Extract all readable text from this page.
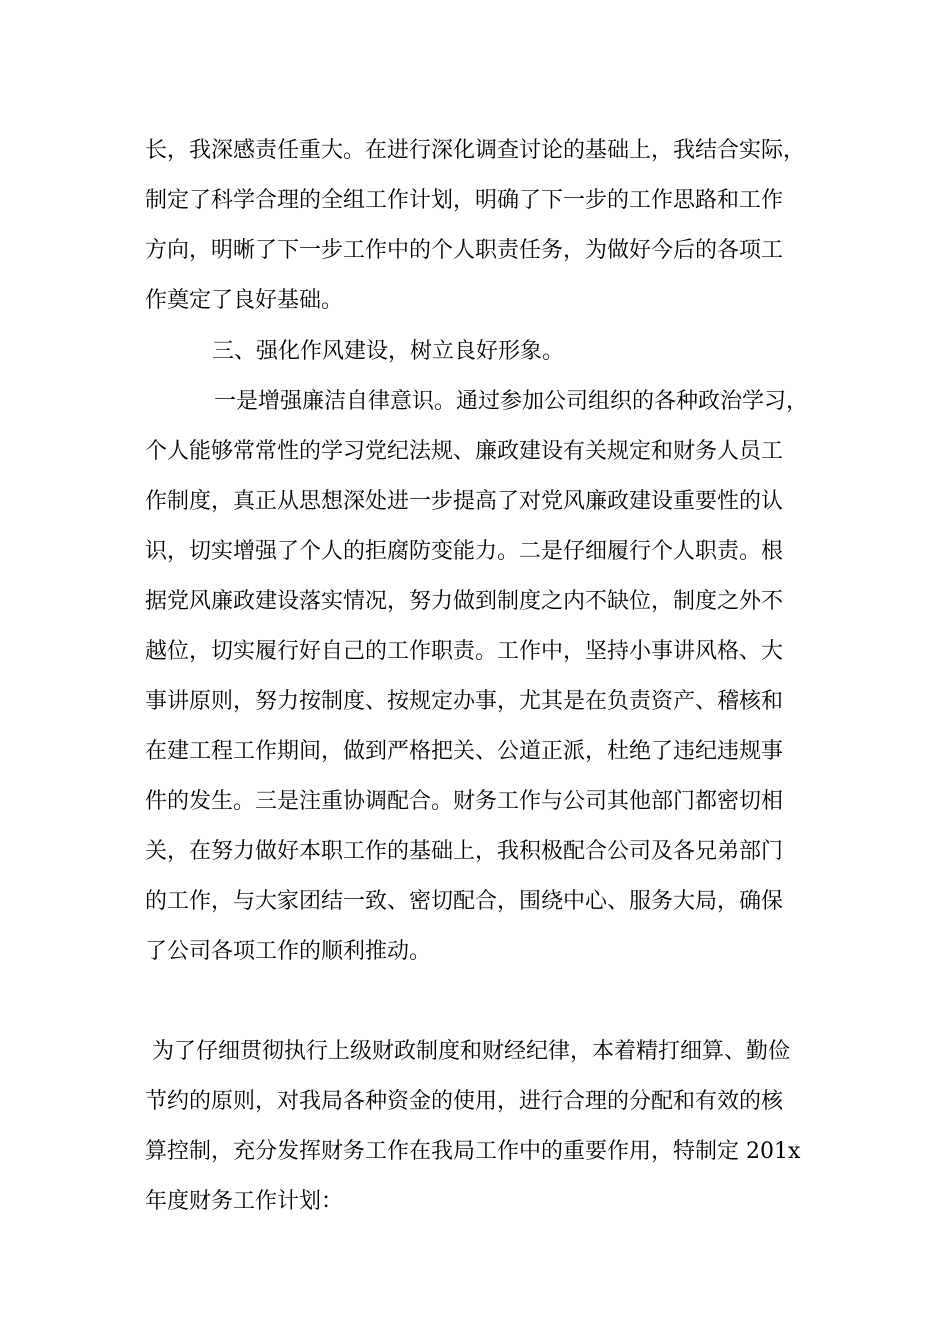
长，我深感责任重大。在进行深化调查讨论的基础上，我结合实际，

制定了科学合理的全组工作计划，明确了下一步的工作思路和工作

方向，明晰了下一步工作中的个人职责任务，为做好今后的各项工

作奠定了良好基础。

三、强化作风建设，树立良好形象。

一是增强廉洁自律意识。通过参加公司组织的各种政治学习，

个人能够常常性的学习党纪法规、廉政建设有关规定和财务人员工

作制度，真正从思想深处进一步提高了对党风廉政建设重要性的认

识，切实增强了个人的拒腐防变能力。二是仔细履行个人职责。根

据党风廉政建设落实情况，努力做到制度之内不缺位，制度之外不

越位，切实履行好自己的工作职责。工作中，坚持小事讲风格、大

事讲原则，努力按制度、按规定办事，尤其是在负责资产、稽核和

在建工程工作期间，做到严格把关、公道正派，杜绝了违纪违规事

件的发生。三是注重协调配合。财务工作与公司其他部门都密切相

关，在努力做好本职工作的基础上，我积极配合公司及各兄弟部门

的工作，与大家团结一致、密切配合，围绕中心、服务大局，确保

了公司各项工作的顺利推动。

为了仔细贯彻执行上级财政制度和财经纪律，本着精打细算、勤俭

节约的原则，对我局各种资金的使用，进行合理的分配和有效的核

算控制，充分发挥财务工作在我局工作中的重要作用，特制定 201x

年度财务工作计划：
